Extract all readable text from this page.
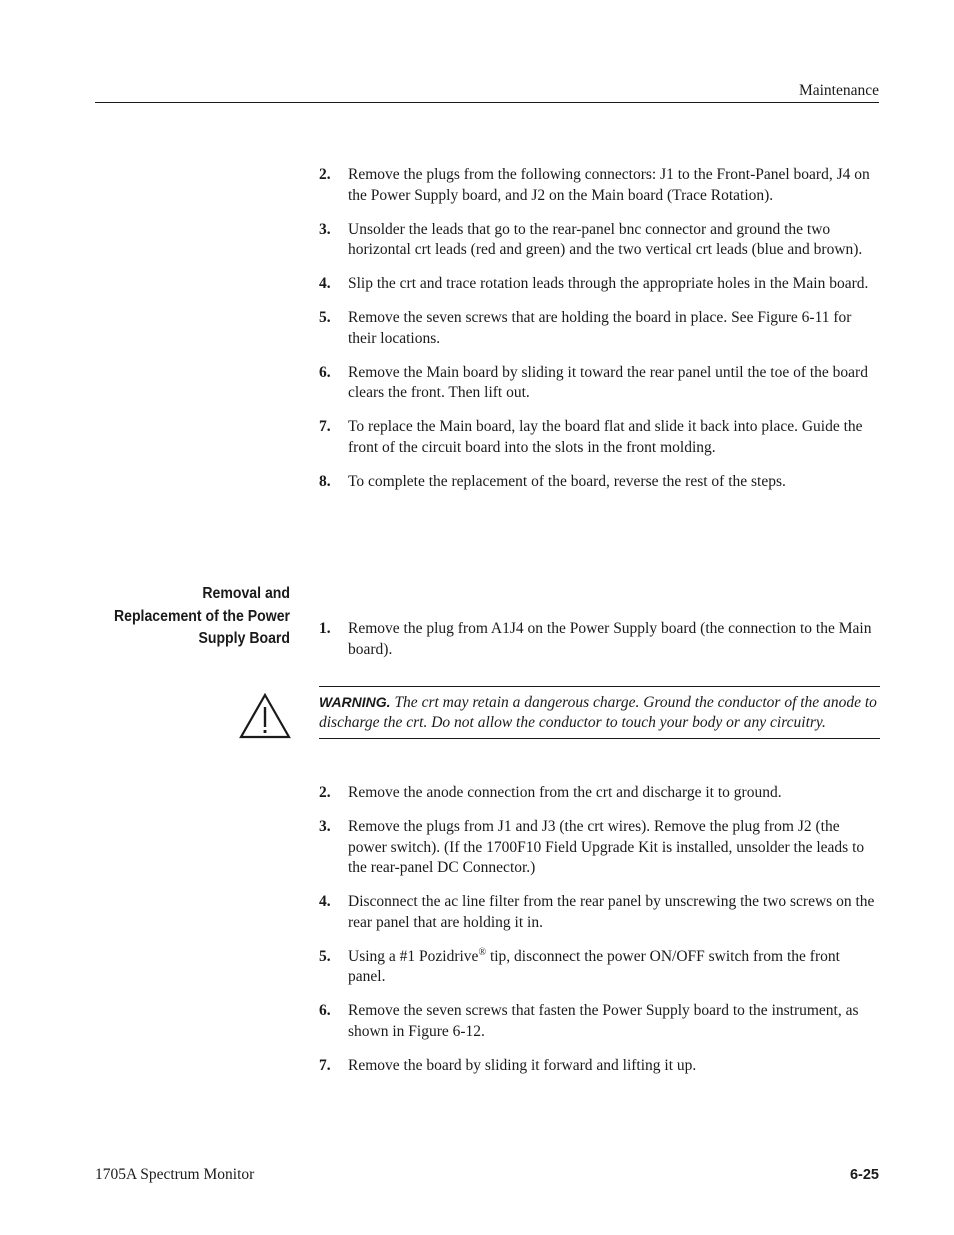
Maintenance
2. Remove the plugs from the following connectors: J1 to the Front-Panel board, J4 on the Power Supply board, and J2 on the Main board (Trace Rotation).
3. Unsolder the leads that go to the rear-panel bnc connector and ground the two horizontal crt leads (red and green) and the two vertical crt leads (blue and brown).
4. Slip the crt and trace rotation leads through the appropriate holes in the Main board.
5. Remove the seven screws that are holding the board in place. See Figure 6-11 for their locations.
6. Remove the Main board by sliding it toward the rear panel until the toe of the board clears the front. Then lift out.
7. To replace the Main board, lay the board flat and slide it back into place. Guide the front of the circuit board into the slots in the front molding.
8. To complete the replacement of the board, reverse the rest of the steps.
Removal and
Replacement of the Power
Supply Board
1. Remove the plug from A1J4 on the Power Supply board (the connection to the Main board).
WARNING. The crt may retain a dangerous charge. Ground the conductor of the anode to discharge the crt. Do not allow the conductor to touch your body or any circuitry.
2. Remove the anode connection from the crt and discharge it to ground.
3. Remove the plugs from J1 and J3 (the crt wires). Remove the plug from J2 (the power switch). (If the 1700F10 Field Upgrade Kit is installed, unsolder the leads to the rear-panel DC Connector.)
4. Disconnect the ac line filter from the rear panel by unscrewing the two screws on the rear panel that are holding it in.
5. Using a #1 Pozidrive® tip, disconnect the power ON/OFF switch from the front panel.
6. Remove the seven screws that fasten the Power Supply board to the instrument, as shown in Figure 6-12.
7. Remove the board by sliding it forward and lifting it up.
1705A Spectrum Monitor	6-25
